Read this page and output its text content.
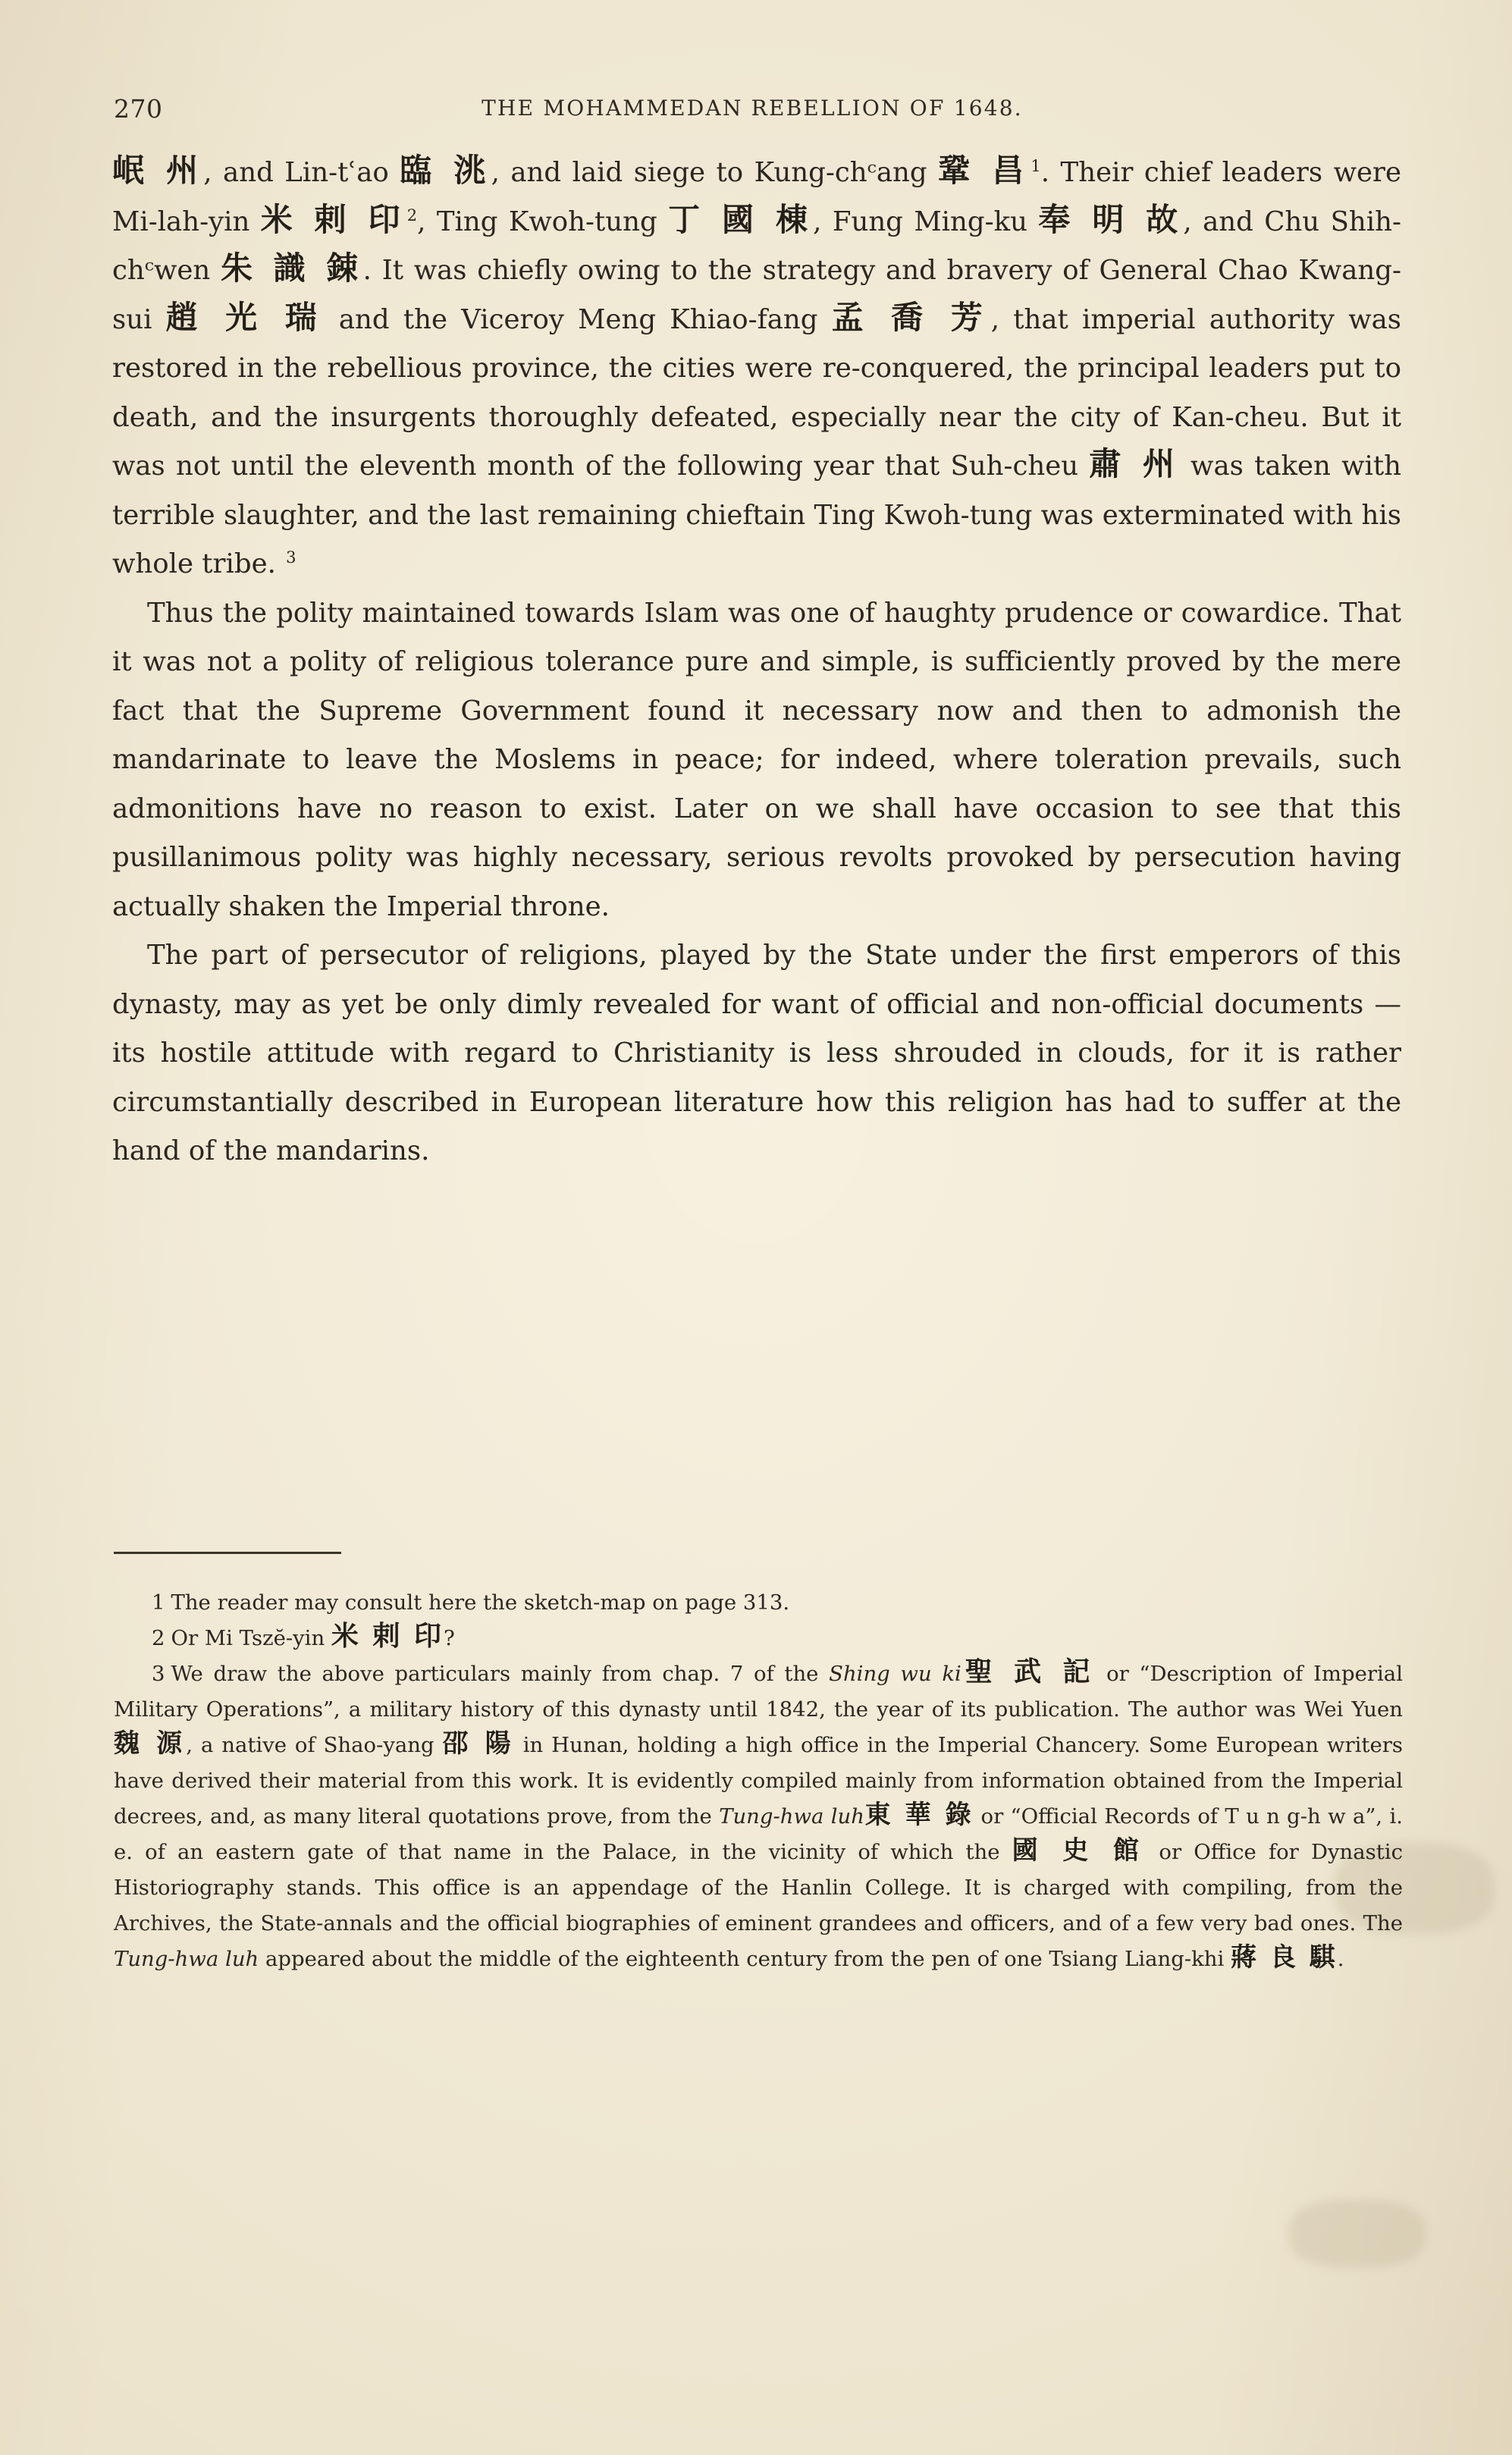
270	THE MOHAMMEDAN REBELLION OF 1648.

岷 州, and Lin-tʿao 臨 洮, and laid siege to Kung-chᶜang 鞏 昌$^1$. Their chief leaders were Mi-lah-yin 米 剌 印$^2$, Ting Kwoh-tung 丁 國 棟, Fung Ming-ku 奉 明 故, and Chu Shih-chᶜwen 朱 識 鋉. It was chiefly owing to the strategy and bravery of General Chao Kwang-sui 趙 光 瑞 and the Viceroy Meng Khiao-fang 孟 喬 芳, that imperial authority was restored in the rebellious province, the cities were re-conquered, the principal leaders put to death, and the insurgents thoroughly defeated, especially near the city of Kan-cheu. But it was not until the eleventh month of the following year that Suh-cheu 肅 州 was taken with terrible slaughter, and the last remaining chieftain Ting Kwoh-tung was exterminated with his whole tribe. $^3$

Thus the polity maintained towards Islam was one of haughty prudence or cowardice. That it was not a polity of religious tolerance pure and simple, is sufficiently proved by the mere fact that the Supreme Government found it necessary now and then to admonish the mandarinate to leave the Moslems in peace; for indeed, where toleration prevails, such admonitions have no reason to exist. Later on we shall have occasion to see that this pusillanimous polity was highly necessary, serious revolts provoked by persecution having actually shaken the Imperial throne.

The part of persecutor of religions, played by the State under the first emperors of this dynasty, may as yet be only dimly revealed for want of official and non-official documents — its hostile attitude with regard to Christianity is less shrouded in clouds, for it is rather circumstantially described in European literature how this religion has had to suffer at the hand of the mandarins.

1 The reader may consult here the sketch-map on page 313.

2 Or Mi Tszĕ-yin 米 剌 印?

3 We draw the above particulars mainly from chap. 7 of the Shing wu ki聖 武 記 or “Description of Imperial Military Operations”, a military history of this dynasty until 1842, the year of its publication. The author was Wei Yuen 魏 源, a native of Shao-yang 邵 陽 in Hunan, holding a high office in the Imperial Chancery. Some European writers have derived their material from this work. It is evidently compiled mainly from information obtained from the Imperial decrees, and, as many literal quotations prove, from the Tung-hwa luh東 華 錄 or “Official Records of T u n g-h w a”, i. e. of an eastern gate of that name in the Palace, in the vicinity of which the 國 史 館 or Office for Dynastic Historiography stands. This office is an appendage of the Hanlin College. It is charged with compiling, from the Archives, the State-annals and the official biographies of eminent grandees and officers, and of a few very bad ones. The Tung-hwa luh appeared about the middle of the eighteenth century from the pen of one Tsiang Liang-khi 蔣 良 騏.
